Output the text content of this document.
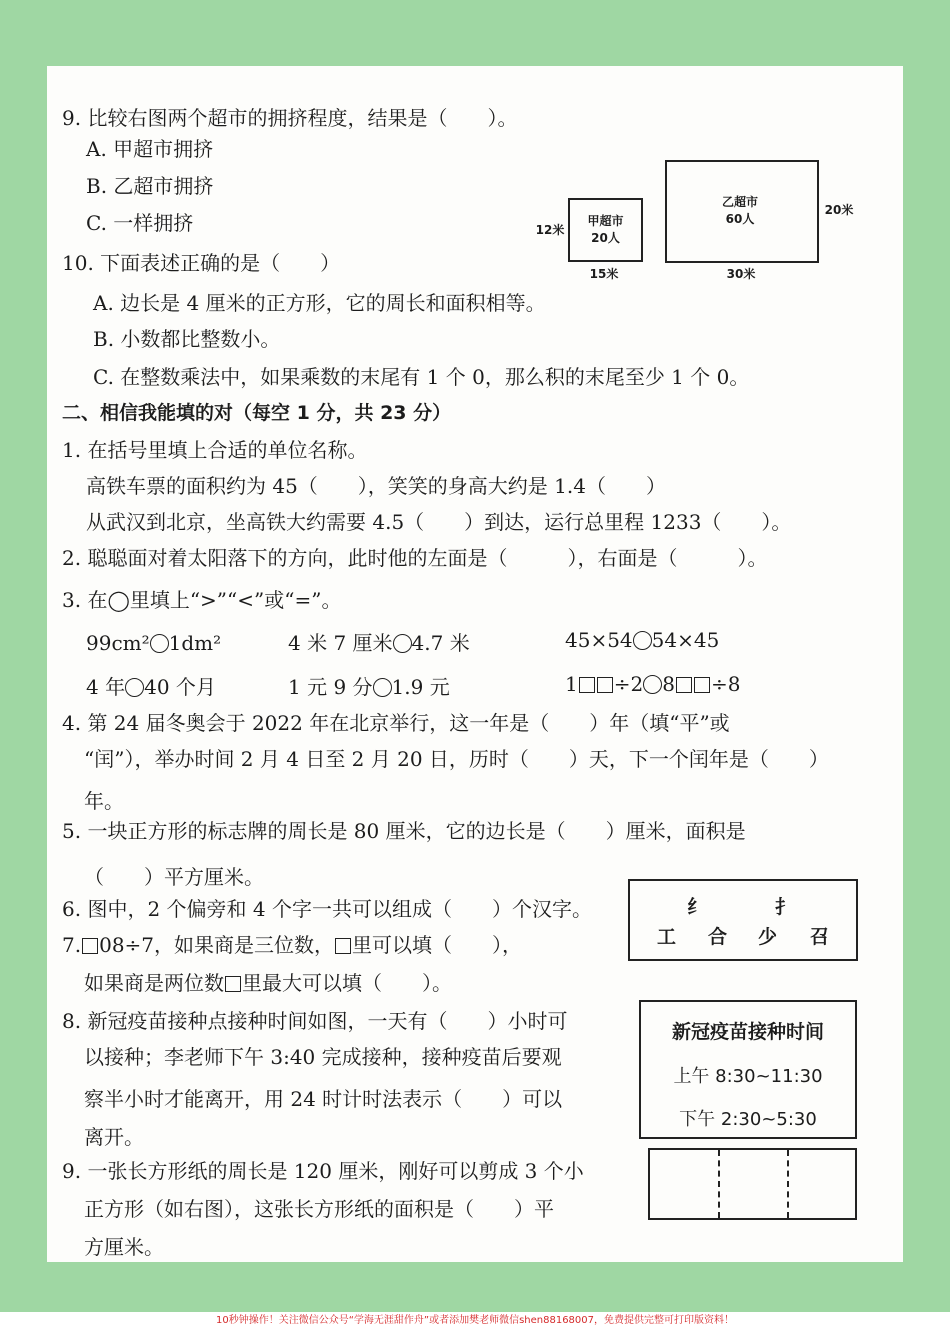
9. 比较右图两个超市的拥挤程度，结果是（　　）。
A. 甲超市拥挤
B. 乙超市拥挤
C. 一样拥挤	甲超市
20人
12米
15米
乙超市
60人
20米
30米
10. 下面表述正确的是（　　）
A. 边长是 4 厘米的正方形，它的周长和面积相等。
B. 小数都比整数小。
C. 在整数乘法中，如果乘数的末尾有 1 个 0，那么积的末尾至少 1 个 0。
二、相信我能填的对（每空 1 分，共 23 分）
1. 在括号里填上合适的单位名称。
高铁车票的面积约为 45（　　），笑笑的身高大约是 1.4（　　）
从武汉到北京，坐高铁大约需要 4.5（　　）到达，运行总里程 1233（　　）。
2. 聪聪面对着太阳落下的方向，此时他的左面是（　　　），右面是（　　　）。
3. 在◯里填上“>”“<”或“=”。
99cm² 1dm²	4 米 7 厘米 4.7 米	45×54 54×45
4 年 40 个月	1 元 9 分 1.9 元	1 ÷2 8 ÷8
4. 第 24 届冬奥会于 2022 年在北京举行，这一年是（　　）年（填“平”或
“闰”），举办时间 2 月 4 日至 2 月 20 日，历时（　　）天，下一个闰年是（　　）
年。
5. 一块正方形的标志牌的周长是 80 厘米，它的边长是（　　）厘米，面积是
（　　）平方厘米。
6. 图中，2 个偏旁和 4 个字一共可以组成（　　）个汉字。	纟	扌
工 合 少 召
7. 08÷7，如果商是三位数， 里可以填（　　），
如果商是两位数 里最大可以填（　　）。
8. 新冠疫苗接种点接种时间如图，一天有（　　）小时可
以接种；李老师下午 3:40 完成接种，接种疫苗后要观
察半小时才能离开，用 24 时计时法表示（　　）可以
离开。
新冠疫苗接种时间
上午 8:30~11:30
下午 2:30~5:30
9. 一张长方形纸的周长是 120 厘米，刚好可以剪成 3 个小
正方形（如右图），这张长方形纸的面积是（　　）平
方厘米。
10秒钟操作！关注微信公众号“学海无涯甜作舟”或者添加樊老师微信shen88168007，免费提供完整可打印版资料！
